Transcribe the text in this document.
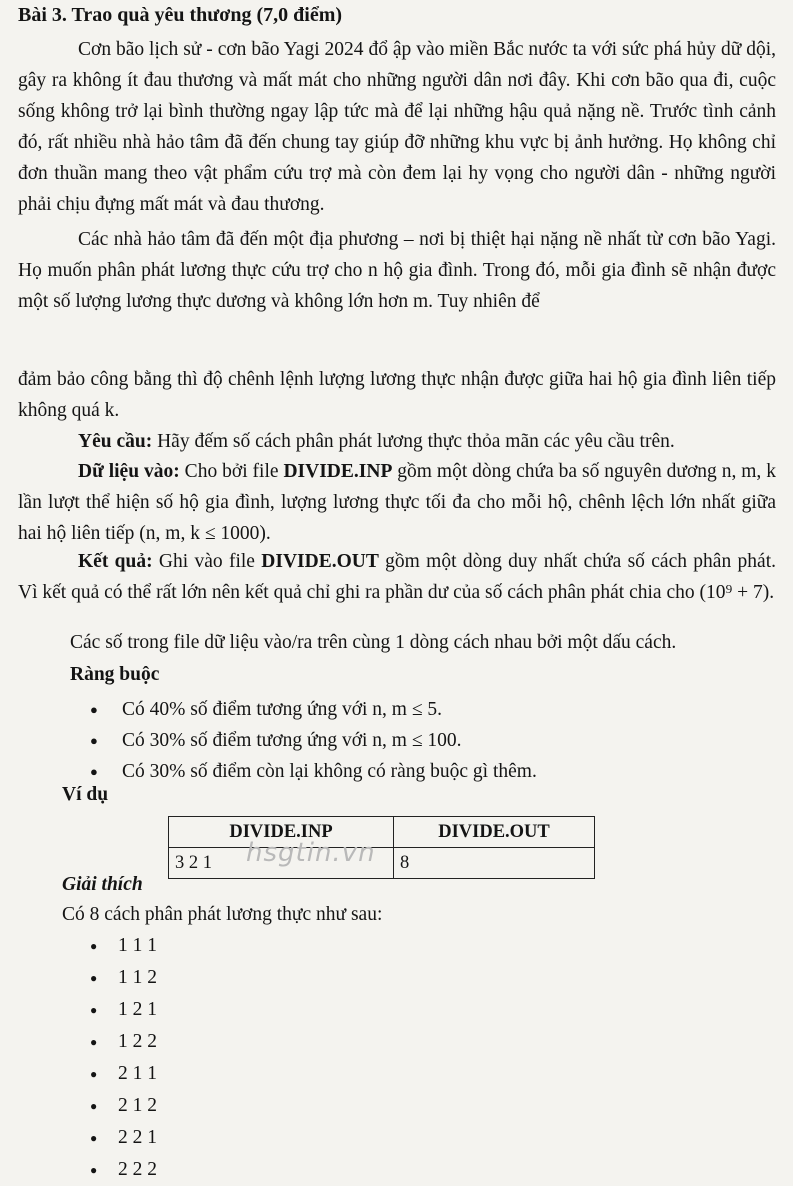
Bài 3. Trao quà yêu thương (7,0 điểm)
Cơn bão lịch sử - cơn bão Yagi 2024 đổ ập vào miền Bắc nước ta với sức phá hủy dữ dội, gây ra không ít đau thương và mất mát cho những người dân nơi đây. Khi cơn bão qua đi, cuộc sống không trở lại bình thường ngay lập tức mà để lại những hậu quả nặng nề. Trước tình cảnh đó, rất nhiều nhà hảo tâm đã đến chung tay giúp đỡ những khu vực bị ảnh hưởng. Họ không chỉ đơn thuần mang theo vật phẩm cứu trợ mà còn đem lại hy vọng cho người dân - những người phải chịu đựng mất mát và đau thương.
Các nhà hảo tâm đã đến một địa phương – nơi bị thiệt hại nặng nề nhất từ cơn bão Yagi. Họ muốn phân phát lương thực cứu trợ cho n hộ gia đình. Trong đó, mỗi gia đình sẽ nhận được một số lượng lương thực dương và không lớn hơn m. Tuy nhiên để
đảm bảo công bằng thì độ chênh lệnh lượng lương thực nhận được giữa hai hộ gia đình liên tiếp không quá k.
Yêu cầu: Hãy đếm số cách phân phát lương thực thỏa mãn các yêu cầu trên.
Dữ liệu vào: Cho bởi file DIVIDE.INP gồm một dòng chứa ba số nguyên dương n, m, k lần lượt thể hiện số hộ gia đình, lượng lương thực tối đa cho mỗi hộ, chênh lệch lớn nhất giữa hai hộ liên tiếp (n, m, k ≤ 1000).
Kết quả: Ghi vào file DIVIDE.OUT gồm một dòng duy nhất chứa số cách phân phát. Vì kết quả có thể rất lớn nên kết quả chỉ ghi ra phần dư của số cách phân phát chia cho (10⁹ + 7).
Các số trong file dữ liệu vào/ra trên cùng 1 dòng cách nhau bởi một dấu cách.
Ràng buộc
● Có 40% số điểm tương ứng với n, m ≤ 5.
● Có 30% số điểm tương ứng với n, m ≤ 100.
● Có 30% số điểm còn lại không có ràng buộc gì thêm.
Ví dụ
DIVIDE.INP	DIVIDE.OUT
3 2 1	8
hsgtin.vn
Giải thích
Có 8 cách phân phát lương thực như sau:
● 1 1 1
● 1 1 2
● 1 2 1
● 1 2 2
● 2 1 1
● 2 1 2
● 2 2 1
● 2 2 2
